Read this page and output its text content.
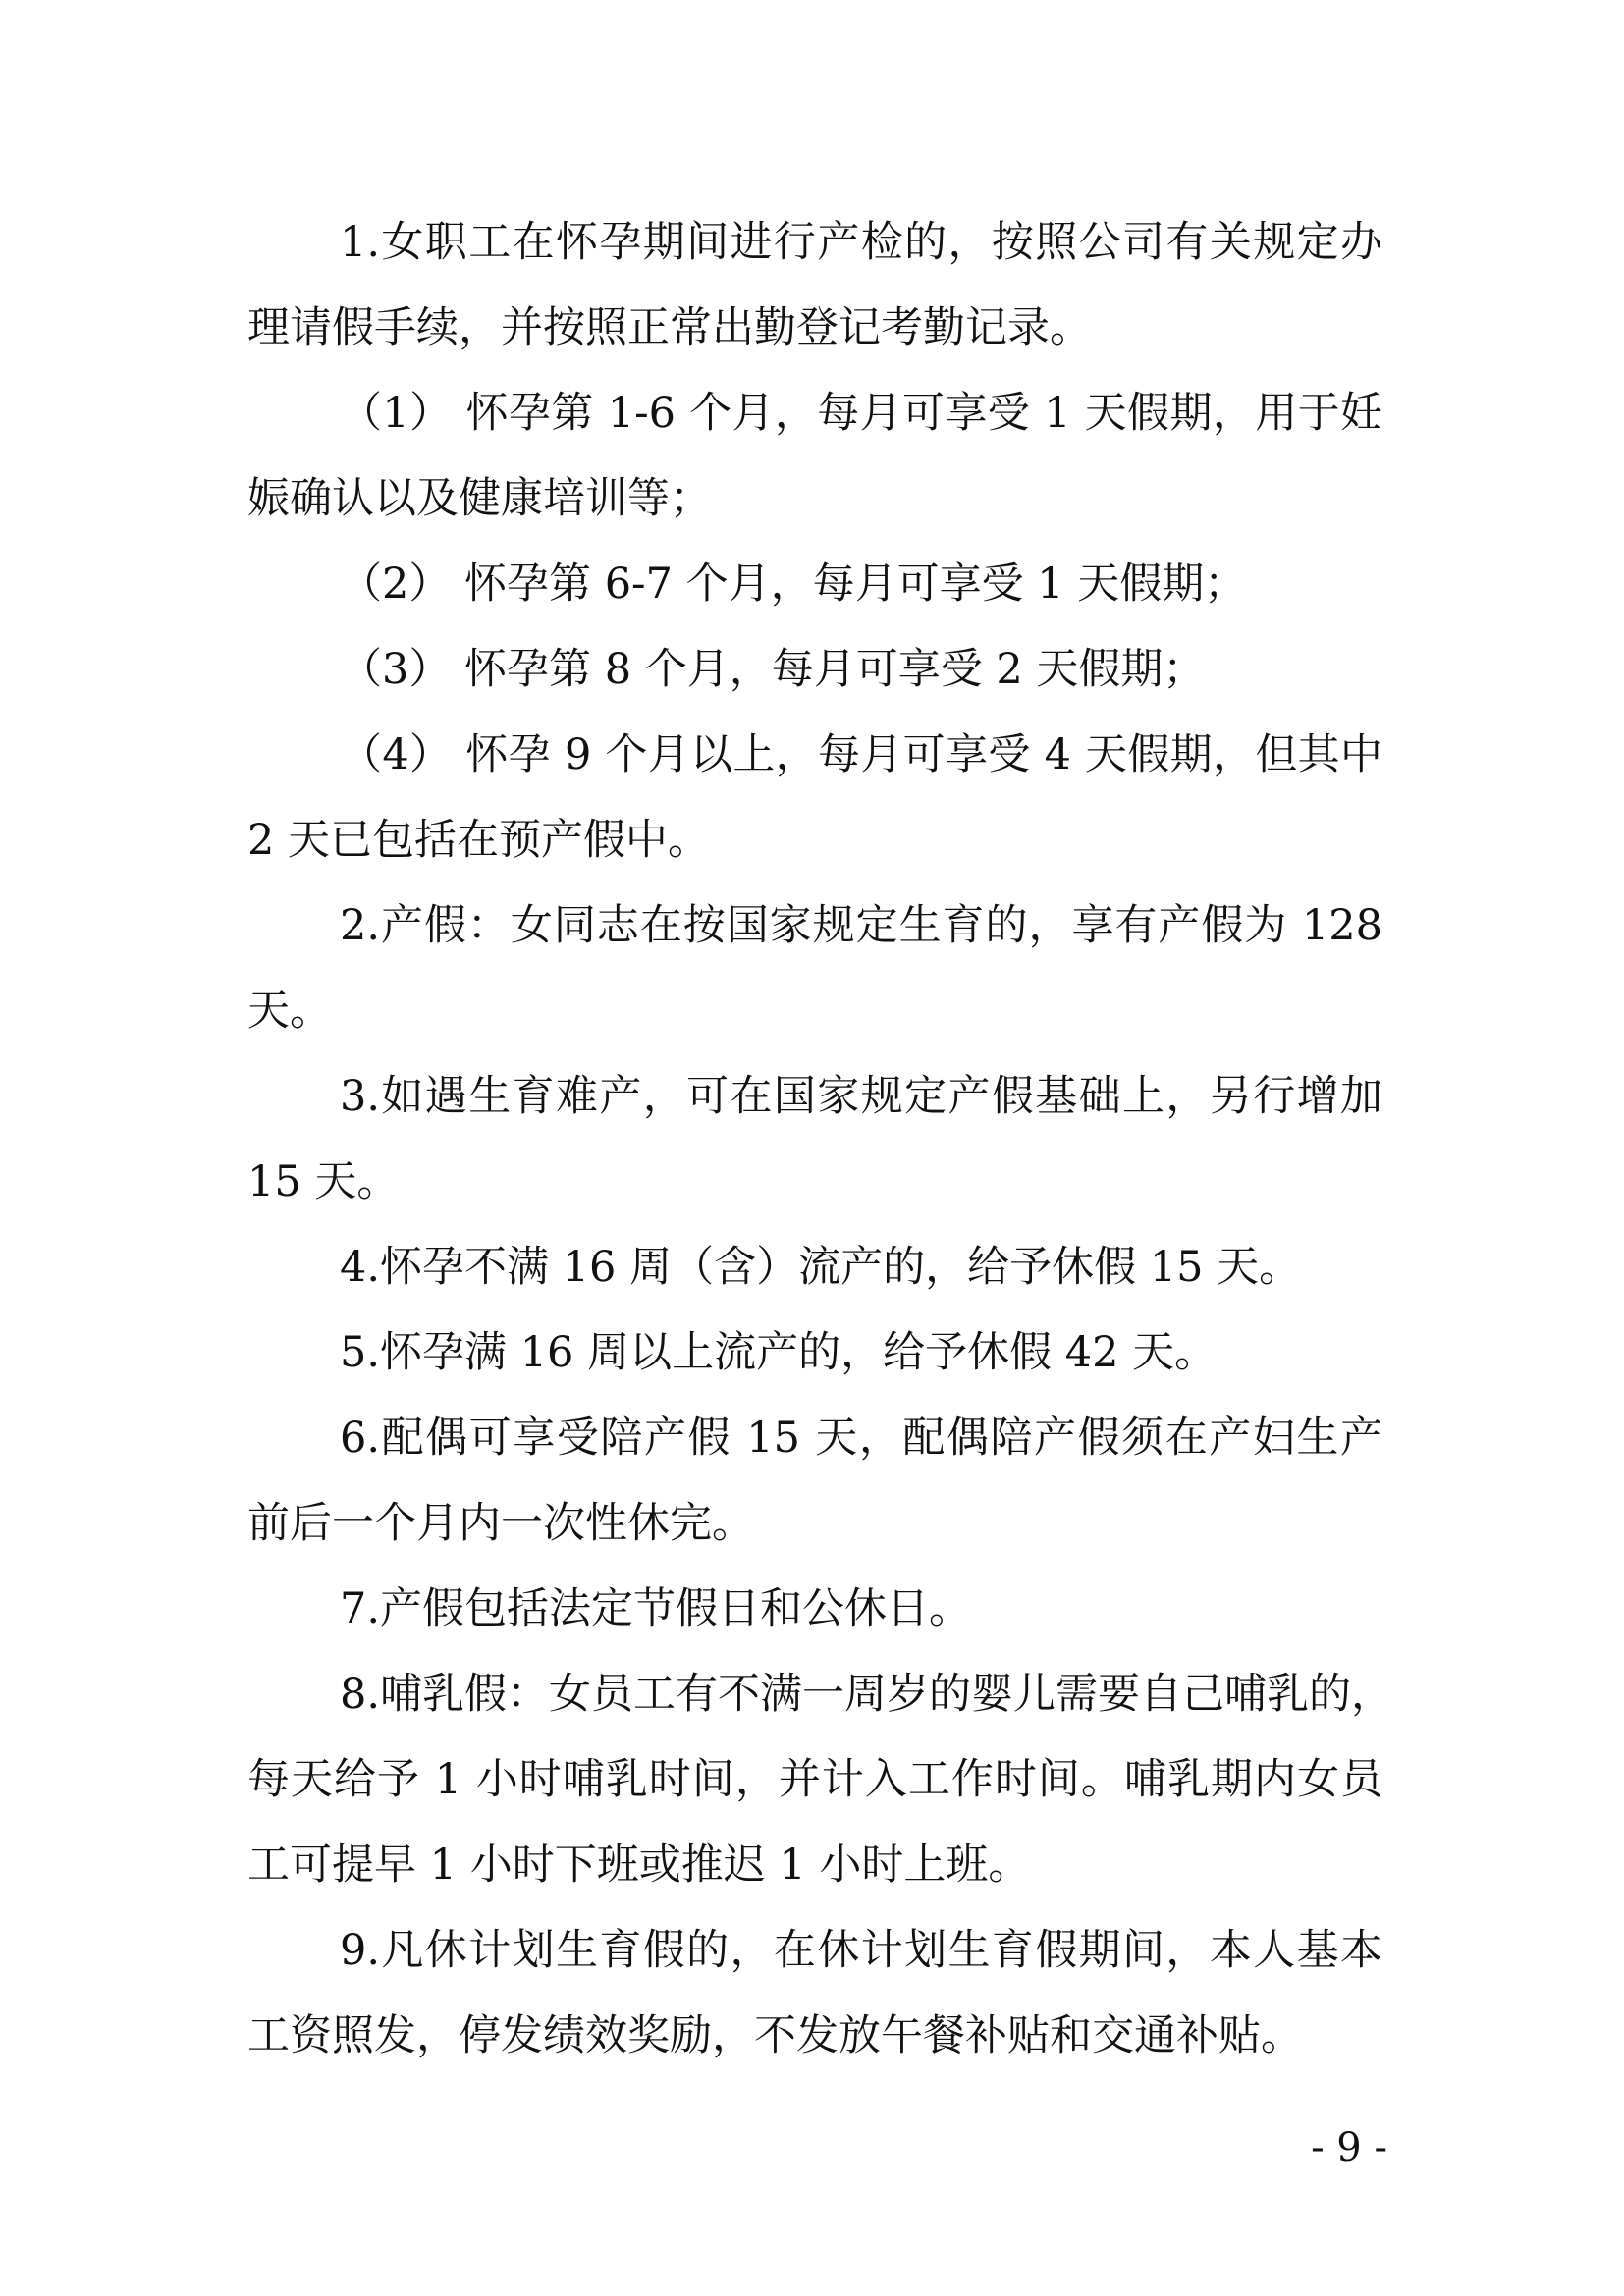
1.女职工在怀孕期间进行产检的，按照公司有关规定办
理请假手续，并按照正常出勤登记考勤记录。
（1） 怀孕第 1-6 个月，每月可享受 1 天假期，用于妊
娠确认以及健康培训等；
（2） 怀孕第 6-7 个月，每月可享受 1 天假期；
（3） 怀孕第 8 个月，每月可享受 2 天假期；
（4） 怀孕 9 个月以上，每月可享受 4 天假期，但其中
2 天已包括在预产假中。
2.产假：女同志在按国家规定生育的，享有产假为 128
天。
3.如遇生育难产，可在国家规定产假基础上，另行增加
15 天。
4.怀孕不满 16 周（含）流产的，给予休假 15 天。
5.怀孕满 16 周以上流产的，给予休假 42 天。
6.配偶可享受陪产假 15 天，配偶陪产假须在产妇生产
前后一个月内一次性休完。
7.产假包括法定节假日和公休日。
8.哺乳假：女员工有不满一周岁的婴儿需要自己哺乳的，
每天给予 1 小时哺乳时间，并计入工作时间。哺乳期内女员
工可提早 1 小时下班或推迟 1 小时上班。
9.凡休计划生育假的，在休计划生育假期间，本人基本
工资照发，停发绩效奖励，不发放午餐补贴和交通补贴。
- 9 -
